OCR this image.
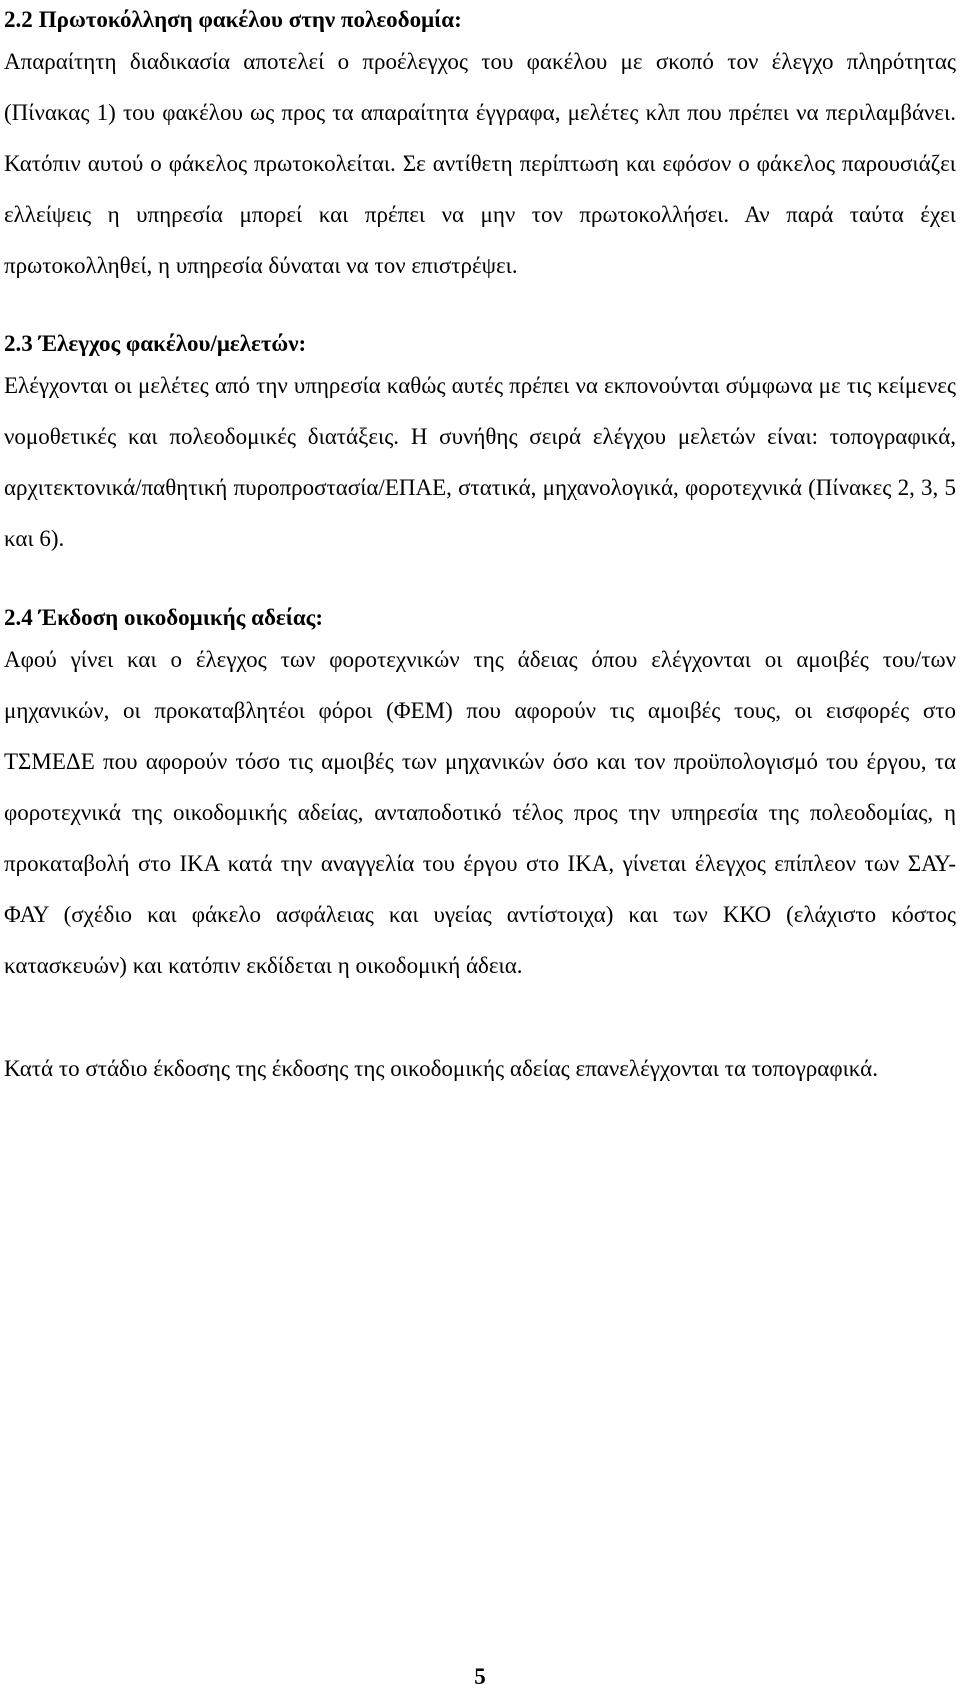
2.2 Πρωτοκόλληση φακέλου στην πολεοδομία:

Απαραίτητη διαδικασία αποτελεί ο προέλεγχος του φακέλου με σκοπό τον έλεγχο πληρότητας (Πίνακας 1) του φακέλου ως προς τα απαραίτητα έγγραφα, μελέτες κλπ που πρέπει να περιλαμβάνει. Κατόπιν αυτού ο φάκελος πρωτοκολείται. Σε αντίθετη περίπτωση και εφόσον ο φάκελος παρουσιάζει ελλείψεις η υπηρεσία μπορεί και πρέπει να μην τον πρωτοκολλήσει. Αν παρά ταύτα έχει πρωτοκολληθεί, η υπηρεσία δύναται να τον επιστρέψει.

2.3 Έλεγχος φακέλου/μελετών:

Ελέγχονται οι μελέτες από την υπηρεσία καθώς αυτές πρέπει να εκπονούνται σύμφωνα με τις κείμενες νομοθετικές και πολεοδομικές διατάξεις. Η συνήθης σειρά ελέγχου μελετών είναι: τοπογραφικά, αρχιτεκτονικά/παθητική πυροπροστασία/ΕΠΑΕ, στατικά, μηχανολογικά, φοροτεχνικά (Πίνακες 2, 3, 5 και 6).

2.4 Έκδοση οικοδομικής αδείας:

Αφού γίνει και ο έλεγχος των φοροτεχνικών της άδειας όπου ελέγχονται οι αμοιβές του/των μηχανικών, οι προκαταβλητέοι φόροι (ΦΕΜ) που αφορούν τις αμοιβές τους, οι εισφορές στο ΤΣΜΕΔΕ που αφορούν τόσο τις αμοιβές των μηχανικών όσο και τον προϋπολογισμό του έργου, τα φοροτεχνικά της οικοδομικής αδείας, ανταποδοτικό τέλος προς την υπηρεσία της πολεοδομίας, η προκαταβολή στο ΙΚΑ κατά την αναγγελία του έργου στο ΙΚΑ, γίνεται έλεγχος επίπλεον των ΣΑΥ-ΦΑΥ (σχέδιο και φάκελο ασφάλειας και υγείας αντίστοιχα) και των ΚΚΟ (ελάχιστο κόστος κατασκευών) και κατόπιν εκδίδεται η οικοδομική άδεια.

Κατά το στάδιο έκδοσης της έκδοσης της οικοδομικής αδείας επανελέγχονται τα τοπογραφικά.

5
